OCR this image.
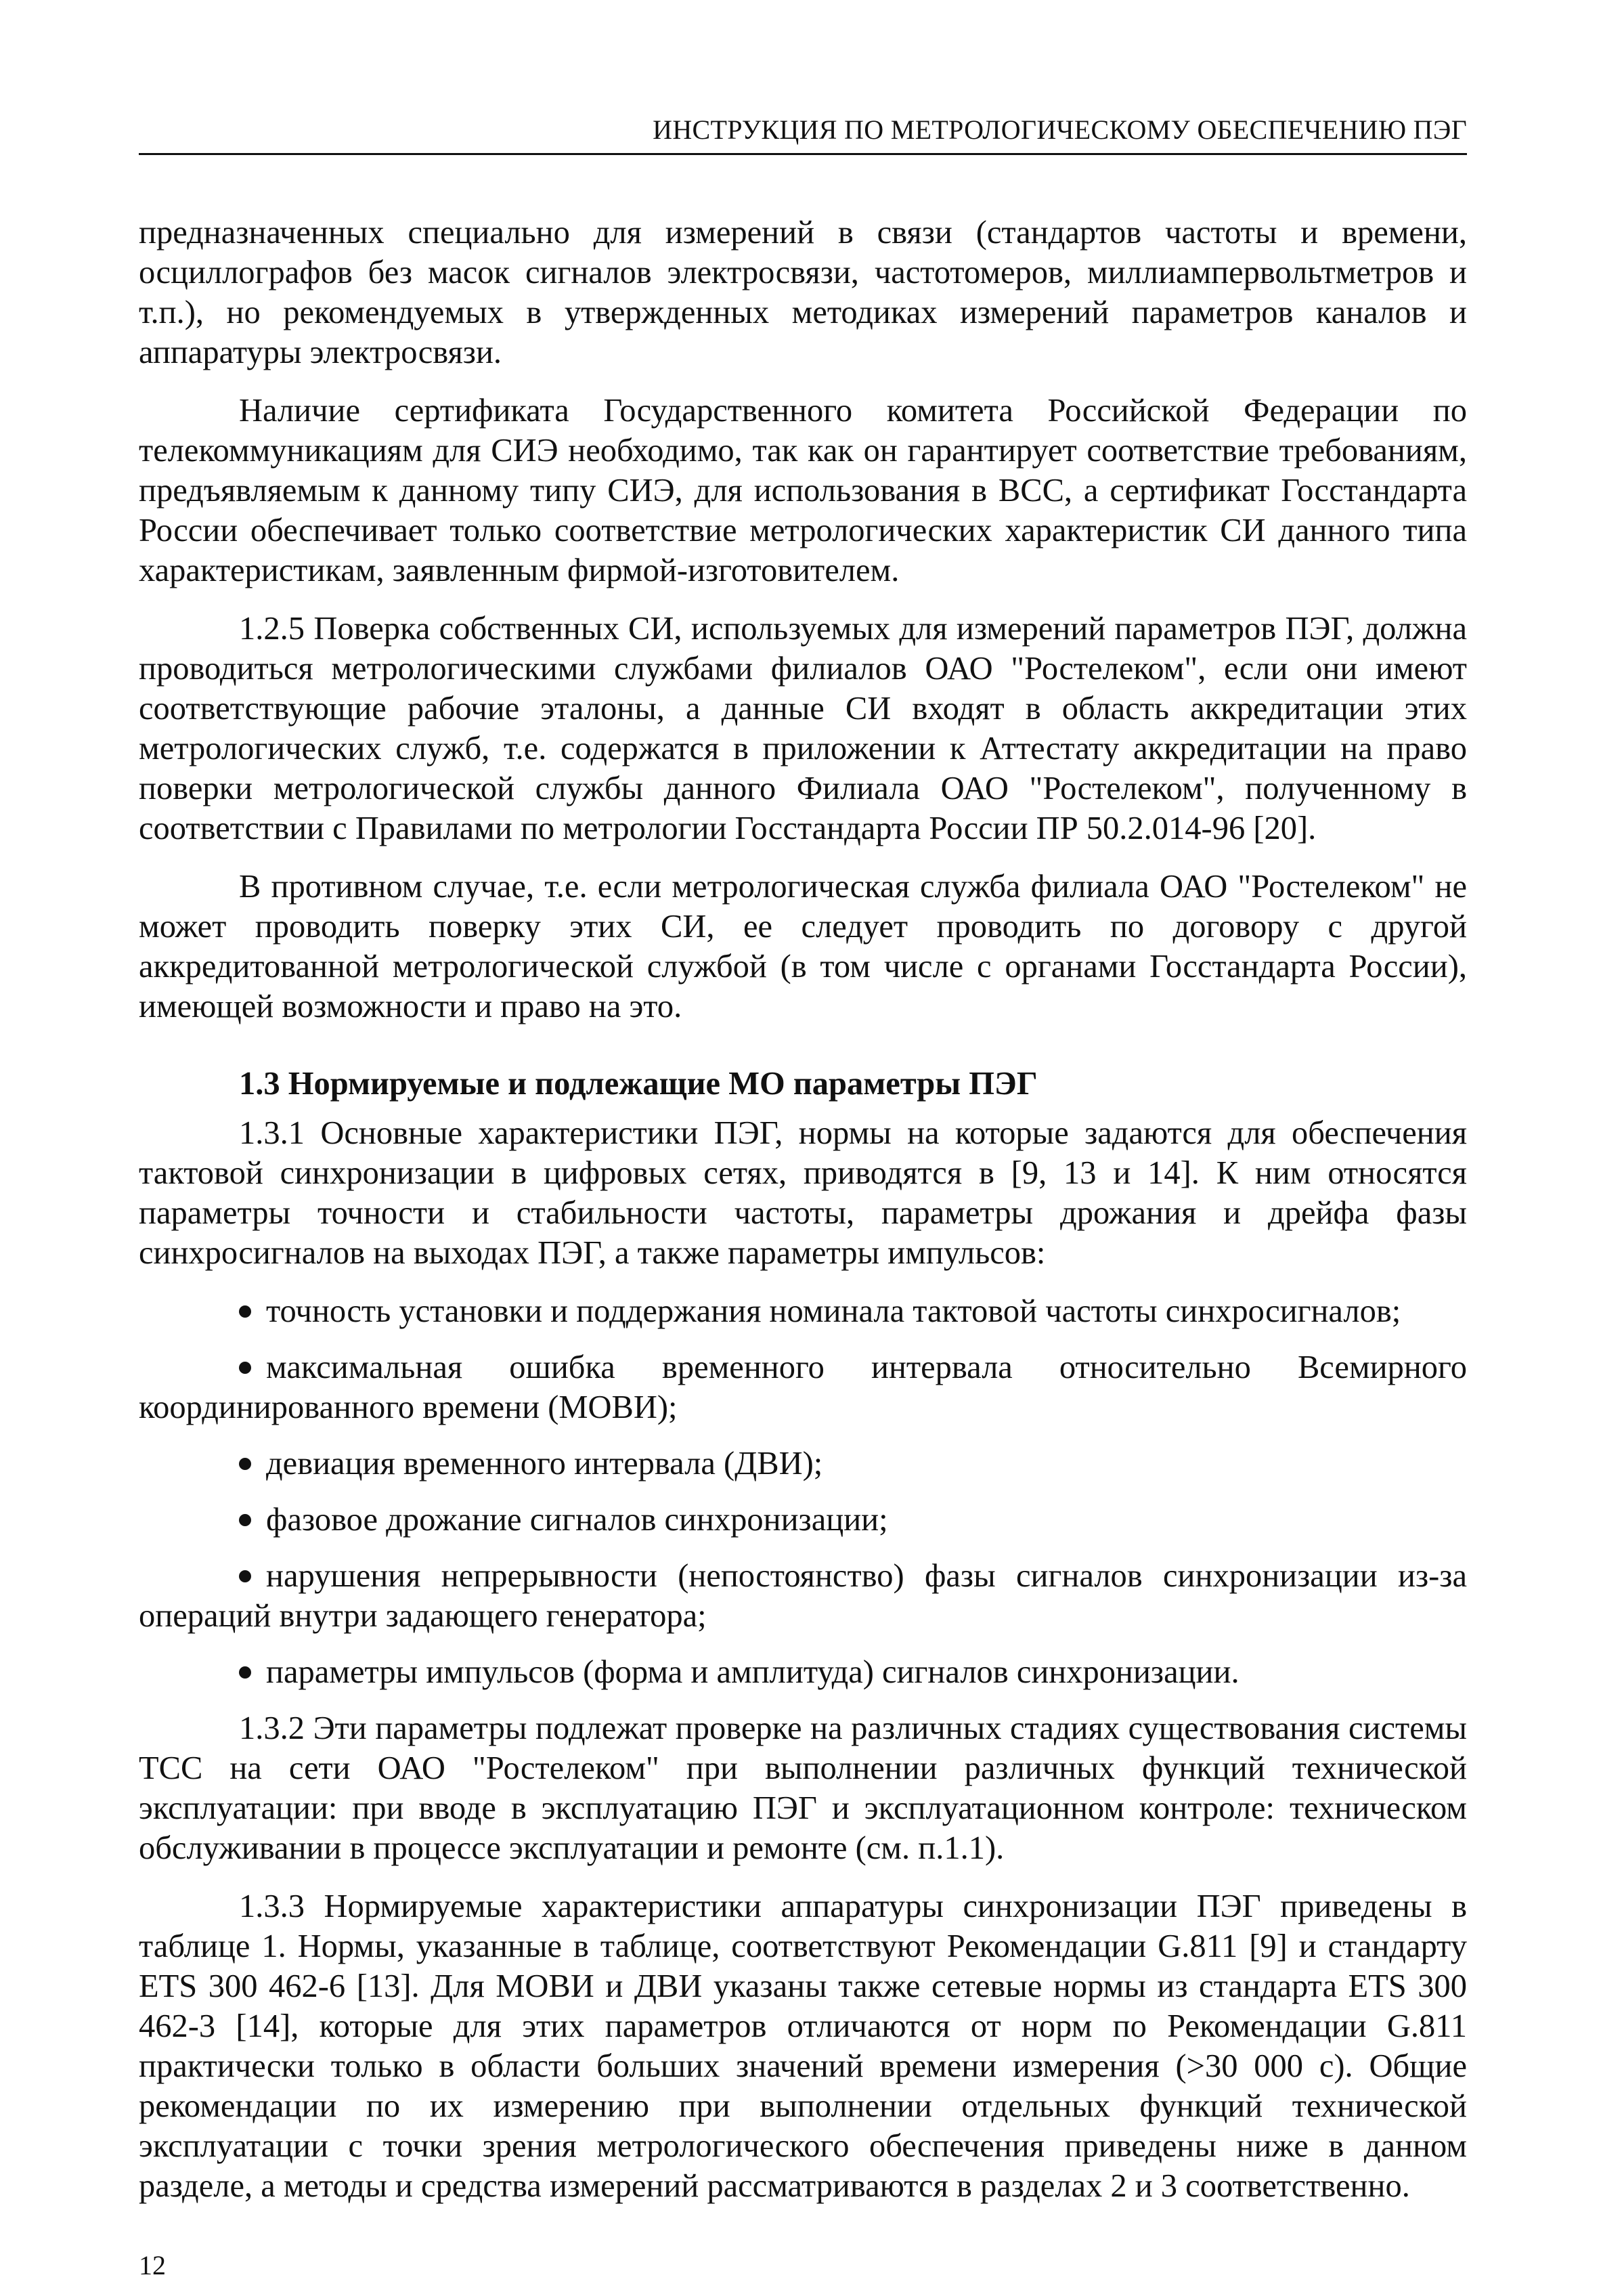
ИНСТРУКЦИЯ ПО МЕТРОЛОГИЧЕСКОМУ ОБЕСПЕЧЕНИЮ ПЭГ

предназначенных специально для измерений в связи (стандартов частоты и времени, осциллографов без масок сигналов электросвязи, частотомеров, миллиампервольтметров и т.п.), но рекомендуемых в утвержденных методиках измерений параметров каналов и аппаратуры электросвязи.

Наличие сертификата Государственного комитета Российской Федерации по телекоммуникациям для СИЭ необходимо, так как он гарантирует соответствие требованиям, предъявляемым к данному типу СИЭ, для использования в ВСС, а сертификат Госстандарта России обеспечивает только соответствие метрологических характеристик СИ данного типа характеристикам, заявленным фирмой-изготовителем.

1.2.5 Поверка собственных СИ, используемых для измерений параметров ПЭГ, должна проводиться метрологическими службами филиалов ОАО "Ростелеком", если они имеют соответствующие рабочие эталоны, а данные СИ входят в область аккредитации этих метрологических служб, т.е. содержатся в приложении к Аттестату аккредитации на право поверки метрологической службы данного Филиала ОАО "Ростелеком", полученному в соответствии с Правилами по метрологии Госстандарта России ПР 50.2.014-96 [20].

В противном случае, т.е. если метрологическая служба филиала ОАО "Ростелеком" не может проводить поверку этих СИ, ее следует проводить по договору с другой аккредитованной метрологической службой (в том числе с органами Госстандарта России), имеющей возможности и право на это.

1.3 Нормируемые и подлежащие МО параметры ПЭГ

1.3.1 Основные характеристики ПЭГ, нормы на которые задаются для обеспечения тактовой синхронизации в цифровых сетях, приводятся в [9, 13 и 14]. К ним относятся параметры точности и стабильности частоты, параметры дрожания и дрейфа фазы синхросигналов на выходах ПЭГ, а также параметры импульсов:

точность установки и поддержания номинала тактовой частоты синхросигналов;

максимальная ошибка временного интервала относительно Всемирного координированного времени (МОВИ);

девиация временного интервала (ДВИ);

фазовое дрожание сигналов синхронизации;

нарушения непрерывности (непостоянство) фазы сигналов синхронизации из-за операций внутри задающего генератора;

параметры импульсов (форма и амплитуда) сигналов синхронизации.

1.3.2 Эти параметры подлежат проверке на различных стадиях существования системы ТСС на сети ОАО "Ростелеком" при выполнении различных функций технической эксплуатации: при вводе в эксплуатацию ПЭГ и эксплуатационном контроле: техническом обслуживании в процессе эксплуатации и ремонте (см. п.1.1).

1.3.3 Нормируемые характеристики аппаратуры синхронизации ПЭГ приведены в таблице 1. Нормы, указанные в таблице, соответствуют Рекомендации G.811 [9] и стандарту ETS 300 462-6 [13]. Для МОВИ и ДВИ указаны также сетевые нормы из стандарта ETS 300 462-3 [14], которые для этих параметров отличаются от норм по Рекомендации G.811 практически только в области больших значений времени измерения (>30 000 с). Общие рекомендации по их измерению при выполнении отдельных функций технической эксплуатации с точки зрения метрологического обеспечения приведены ниже в данном разделе, а методы и средства измерений рассматриваются в разделах 2 и 3 соответственно.

12
